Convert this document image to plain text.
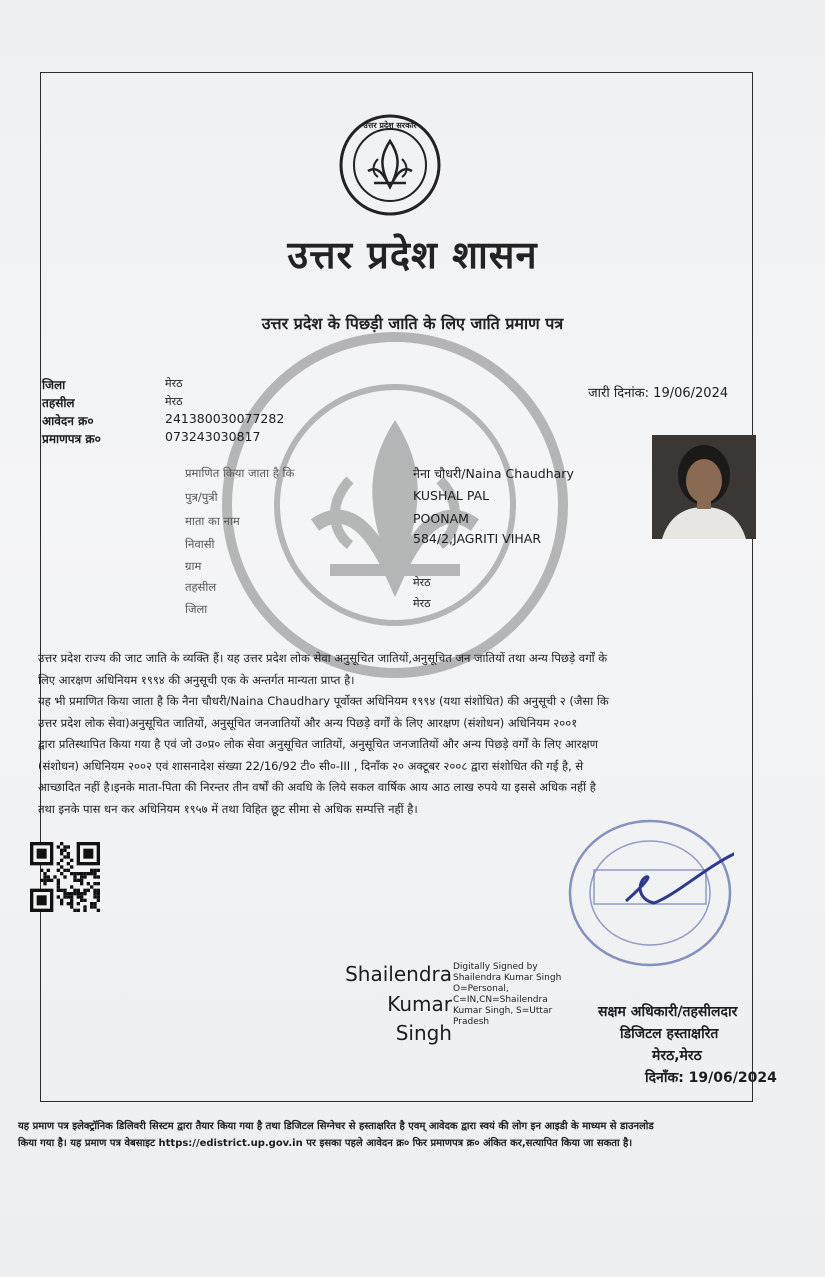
उत्तर प्रदेश सरकार
उत्तर प्रदेश शासन
उत्तर प्रदेश के पिछड़ी जाति के लिए जाति प्रमाण पत्र
जिला	मेरठ
तहसील	मेरठ
आवेदन क्र०	241380030077282
प्रमाणपत्र क्र०	073243030817
जारी दिनांक: 19/06/2024
प्रमाणित किया जाता है कि	नैना चौधरी/Naina Chaudhary
पुत्र/पुत्री	KUSHAL PAL
माता का नाम	POONAM
निवासी	584/2,JAGRITI VIHAR
ग्राम
तहसील	मेरठ
जिला	मेरठ
उत्तर प्रदेश राज्य की जाट जाति के व्यक्ति हैं। यह उत्तर प्रदेश लोक सेवा अनुसूचित जातियों,अनुसूचित जन जातियों तथा अन्य पिछड़े वर्गों के
लिए आरक्षण अधिनियम १९९४ की अनुसूची एक के अन्तर्गत मान्यता प्राप्त है।
यह भी प्रमाणित किया जाता है कि नैना चौधरी/Naina Chaudhary पूर्वोक्त अधिनियम १९९४ (यथा संशोधित) की अनुसूची २ (जैसा कि
उत्तर प्रदेश लोक सेवा)अनुसूचित जातियों, अनुसूचित जनजातियों और अन्य पिछड़े वर्गों के लिए आरक्षण (संशोधन) अधिनियम २००१
द्वारा प्रतिस्थापित किया गया है एवं जो उ०प्र० लोक सेवा अनुसूचित जातियों, अनुसूचित जनजातियों और अन्य पिछड़े वर्गों के लिए आरक्षण
(संशोधन) अधिनियम २००२ एवं शासनादेश संख्या 22/16/92 टी० सी०-III , दिनाँक २० अक्टूबर २००८ द्वारा संशोधित की गई है, से
आच्छादित नहीं है।इनके माता-पिता की निरन्तर तीन वर्षों की अवधि के लिये सकल वार्षिक आय आठ लाख रुपये या इससे अधिक नहीं है
तथा इनके पास धन कर अधिनियम १९५७ में तथा विहित छूट सीमा से अधिक सम्पत्ति नहीं है।
Shailendra
Kumar
Singh
Digitally Signed by
Shailendra Kumar Singh
O=Personal,
C=IN,CN=Shailendra
Kumar Singh, S=Uttar
Pradesh
सक्षम अधिकारी/तहसीलदार
डिजिटल हस्ताक्षरित
मेरठ,मेरठ
दिनाँक: 19/06/2024
यह प्रमाण पत्र इलेक्ट्रॉनिक डिलिवरी सिस्टम द्वारा तैयार किया गया है तथा डिजिटल सिग्नेचर से हस्ताक्षरित है एवम् आवेदक द्वारा स्वयं की लोग इन आइडी के माध्यम से डाउनलोड
किया गया है। यह प्रमाण पत्र वेबसाइट https://edistrict.up.gov.in पर इसका पहले आवेदन क्र० फिर प्रमाणपत्र क्र० अंकित कर,सत्यापित किया जा सकता है।
